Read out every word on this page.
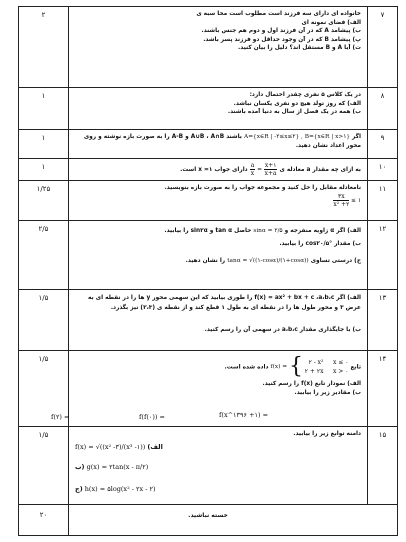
۲	خانواده ای دارای سه فرزند است مطلوب است محا سبه ی
الف) فضای نمونه ای
ب) پیشامد A که در آن فرزند اول و دوم هم جنس باشند.
پ) پیشامد B که در آن وجود حداقل دو فرزند پسر باشد.
ت) آیا A و B مستقل اند؟ دلیل را بیان کنید.
۷
۱	در یک کلاس ۵ نفری چقدر احتمال دارد:
الف) که روز تولد هیچ دو نفری یکسان نباشد.
ب) همه در یک فصل از سال به دنیا آمده باشند.
۸
۱	اگر A={x∈R | -۲≤x≤۲} , B={x∈R | x>۱} باشند A∪B ، A∩B و A-B را به صورت بازه نوشته و روی
محور اعداد نشان دهید.
۹
۱	به ازای چه مقدار a معادله ی
$\frac{a}{x} = \frac{x+۱}{x+a}$
دارای جواب ۱= x است.	۱۰
۱/۲۵	نامعادله مقابل را حل کنید و مجموعه جواب را به صورت بازه بنویسید.
$\frac{۳x}{\text{x² +۲}}$ ≤ ۱
۱۱
۲/۵	الف) اگر α زاویه منفرجه و sinα = ۲/۵ حاصل tan α و sin۲α را بیابید.
ب) مقدار cos۲۰/۵° را بیابید.
ج) درستی تساوی tanα = √((۱-cosα)/(۱+cosα)) را نشان دهید.
۱۲
۱/۵	الف) اگر f(x) = ax² + bx + c ،a،b،c را طوری بیابید که این سهمی محور y ها را در نقطه ای به
عرض ۳ و محور طول ها را در نقطه ای به طول ۱ قطع کند و از نقطه ی (۲،۳) نیز بگذرد.
ب) با جایگذاری مقدار a،b،c در سهمی آن را رسم کنید.
۱۳
۱/۵
تابع f(x) = { ۲ - x² x ≤ ۰
۲ + ۲x x > ۰
داده شده است.
الف) نمودار تابع f(x) را رسم کنید.
ب) مقادیر زیر را بیابید.
f(۲) =	f(f(۰)) =	f(x^۱۳۹۶ +۱) =
۱۴
۱/۵	دامنه توابع زیر را بیابید.
f(x) = √((x² -۳)/(x³ -۱)) (الف
ب) g(x) = ۲tan(x - π/۲)
ج) h(x) = ۵log(x² - ۲x - ۲)
۱۵
۲۰	خسته نباشید.
